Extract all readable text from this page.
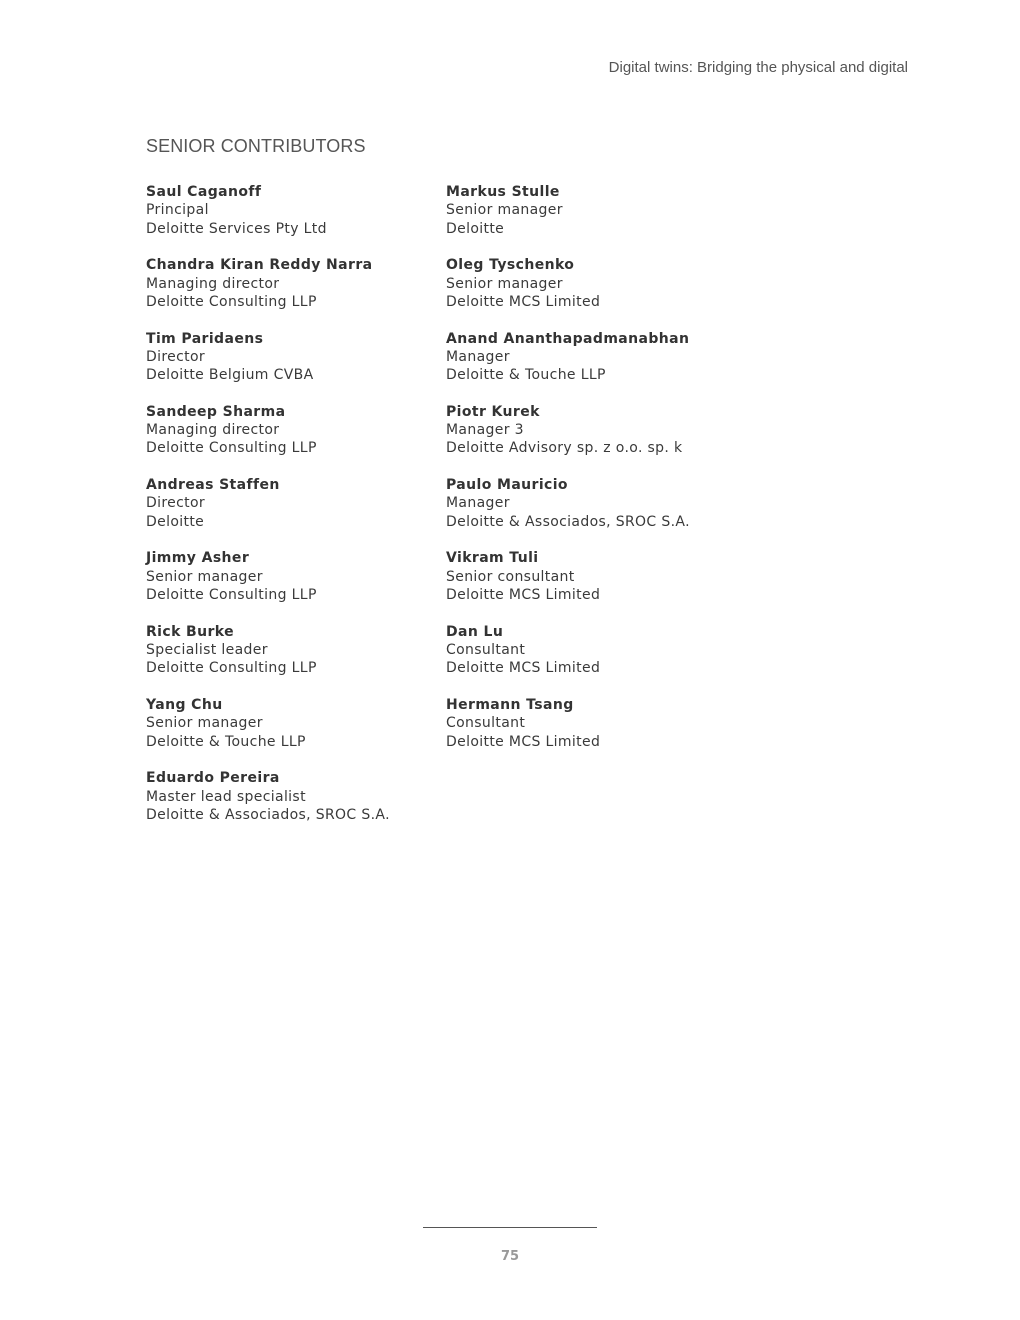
Digital twins: Bridging the physical and digital
SENIOR CONTRIBUTORS
Saul Caganoff
Principal
Deloitte Services Pty Ltd
Chandra Kiran Reddy Narra
Managing director
Deloitte Consulting LLP
Tim Paridaens
Director
Deloitte Belgium CVBA
Sandeep Sharma
Managing director
Deloitte Consulting LLP
Andreas Staffen
Director
Deloitte
Jimmy Asher
Senior manager
Deloitte Consulting LLP
Rick Burke
Specialist leader
Deloitte Consulting LLP
Yang Chu
Senior manager
Deloitte & Touche LLP
Eduardo Pereira
Master lead specialist
Deloitte & Associados, SROC S.A.
Markus Stulle
Senior manager
Deloitte
Oleg Tyschenko
Senior manager
Deloitte MCS Limited
Anand Ananthapadmanabhan
Manager
Deloitte & Touche LLP
Piotr Kurek
Manager 3
Deloitte Advisory sp. z o.o. sp. k
Paulo Mauricio
Manager
Deloitte & Associados, SROC S.A.
Vikram Tuli
Senior consultant
Deloitte MCS Limited
Dan Lu
Consultant
Deloitte MCS Limited
Hermann Tsang
Consultant
Deloitte MCS Limited
75
